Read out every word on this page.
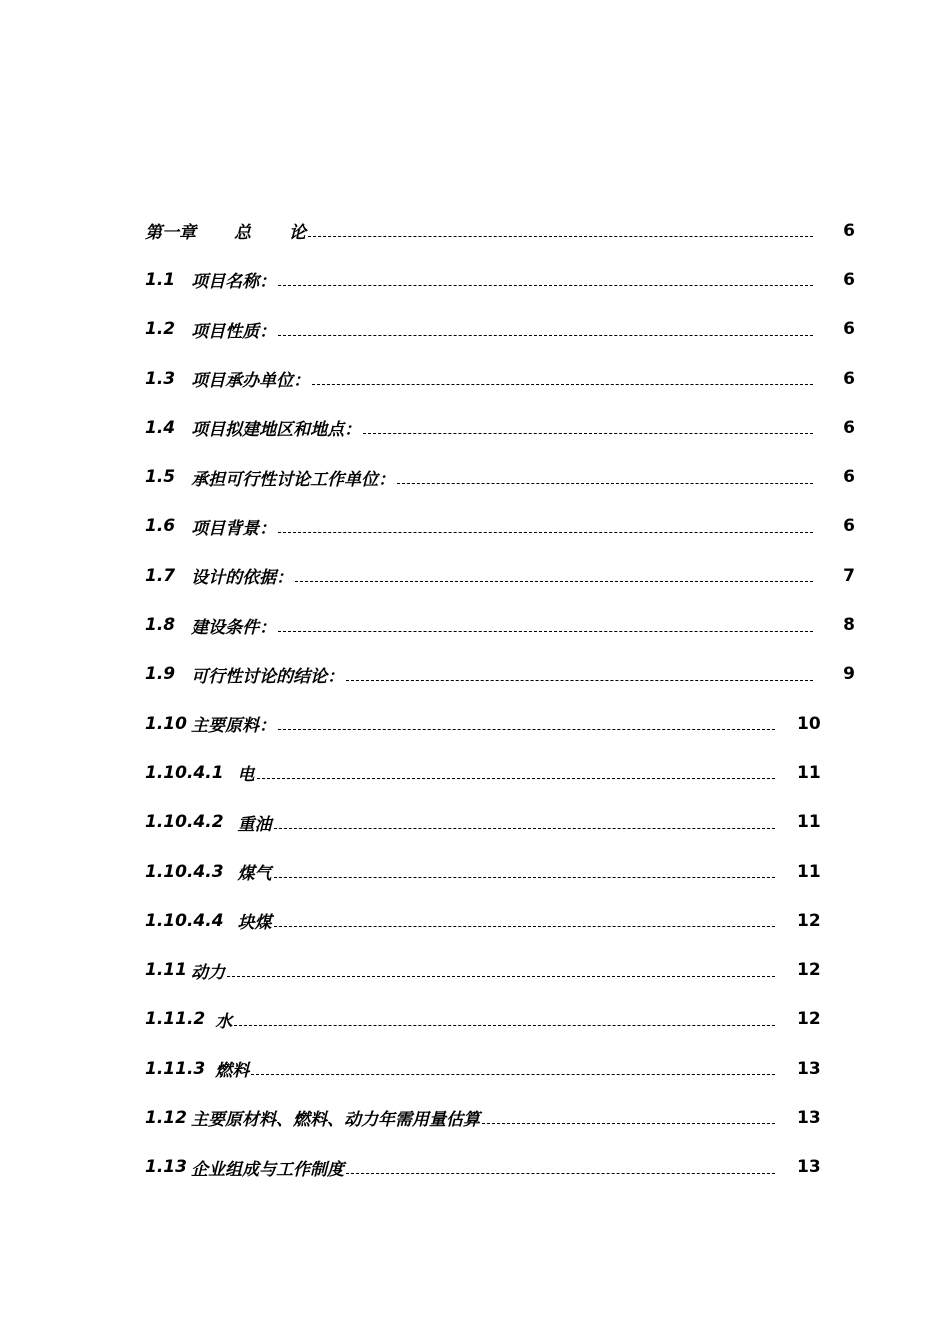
第一章 总 论	6
1.1 项目名称：	6
1.2 项目性质：	6
1.3 项目承办单位：	6
1.4 项目拟建地区和地点：	6
1.5 承担可行性讨论工作单位：	6
1.6 项目背景：	6
1.7 设计的依据：	7
1.8 建设条件：	8
1.9 可行性讨论的结论：	9
1.10 主要原料：	10
1.10.4.1 电	11
1.10.4.2 重油	11
1.10.4.3 煤气	11
1.10.4.4 块煤	12
1.11 动力	12
1.11.2 水	12
1.11.3 燃料	13
1.12 主要原材料、燃料、动力年需用量估算	13
1.13 企业组成与工作制度	13
